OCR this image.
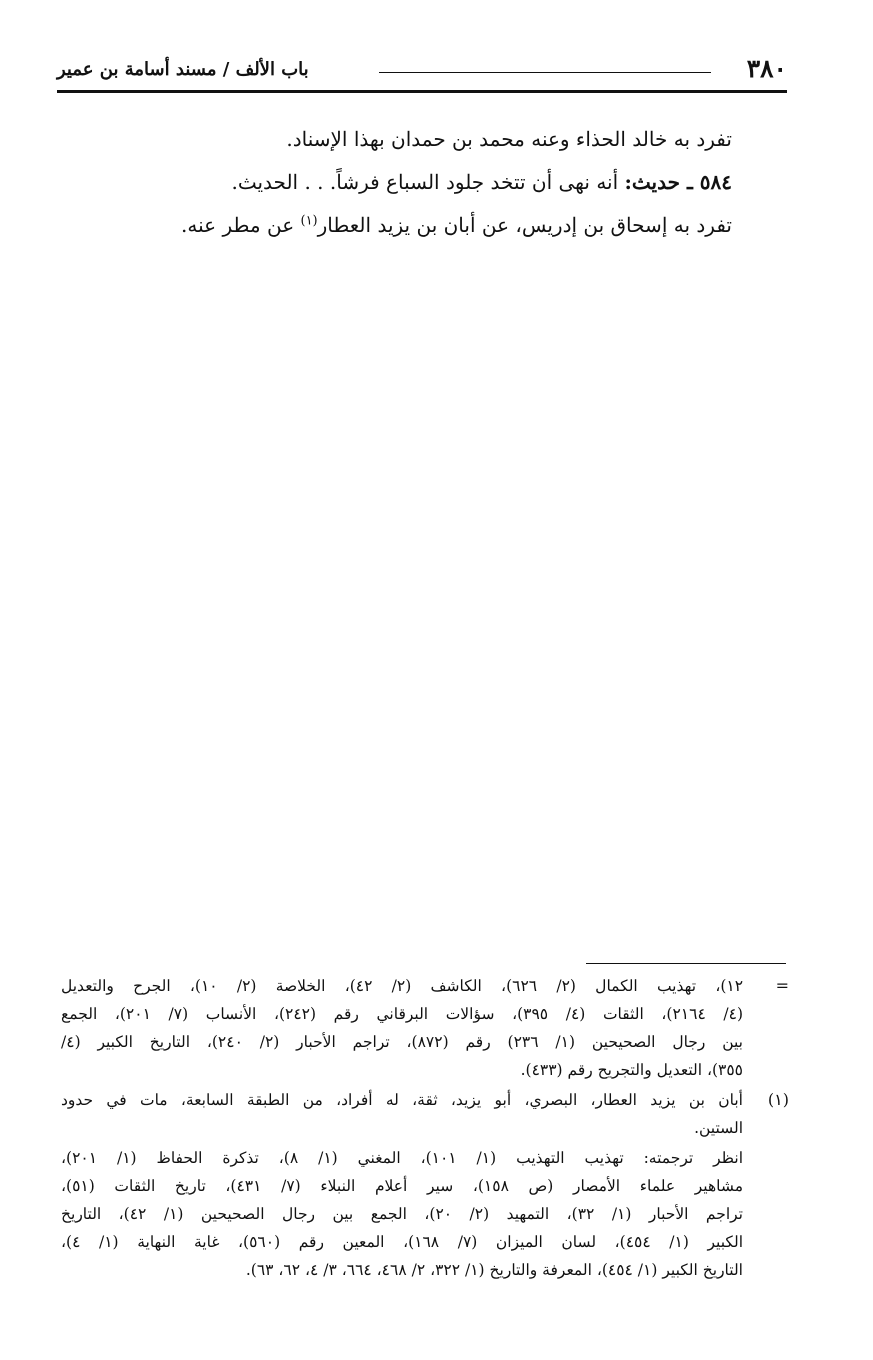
٣٨٠
باب الألف / مسند أسامة بن عمير
تفرد به خالد الحذاء وعنه محمد بن حمدان بهذا الإسناد.
٥٨٤ ـ حديث: أنه نهى أن تتخد جلود السباع فرشاً. . . الحديث.
تفرد به إسحاق بن إدريس، عن أبان بن يزيد العطار$^{(١)}$ عن مطر عنه.
=
١٢)، تهذيب الكمال (٢/ ٦٢٦)، الكاشف (٢/ ٤٢)، الخلاصة (٢/ ١٠)، الجرح والتعديل
(٤/ ٢١٦٤)، الثقات (٤/ ٣٩٥)، سؤالات البرقاني رقم (٢٤٢)، الأنساب (٧/ ٢٠١)، الجمع
بين رجال الصحيحين (١/ ٢٣٦) رقم (٨٧٢)، تراجم الأحبار (٢/ ٢٤٠)، التاريخ الكبير (٤/
٣٥٥)، التعديل والتجريح رقم (٤٣٣).
(١)
أبان بن يزيد العطار، البصري، أبو يزيد، ثقة، له أفراد، من الطبقة السابعة، مات في حدود
الستين.
انظر ترجمته: تهذيب التهذيب (١/ ١٠١)، المغني (١/ ٨)، تذكرة الحفاظ (١/ ٢٠١)،
مشاهير علماء الأمصار (ص ١٥٨)، سير أعلام النبلاء (٧/ ٤٣١)، تاريخ الثقات (٥١)،
تراجم الأحبار (١/ ٣٢)، التمهيد (٢/ ٢٠)، الجمع بين رجال الصحيحين (١/ ٤٢)، التاريخ
الكبير (١/ ٤٥٤)، لسان الميزان (٧/ ١٦٨)، المعين رقم (٥٦٠)، غاية النهاية (١/ ٤)،
التاريخ الكبير (١/ ٤٥٤)، المعرفة والتاريخ (١/ ٣٢٢، ٢/ ٤٦٨، ٦٦٤، ٣/ ٤، ٦٢، ٦٣).
